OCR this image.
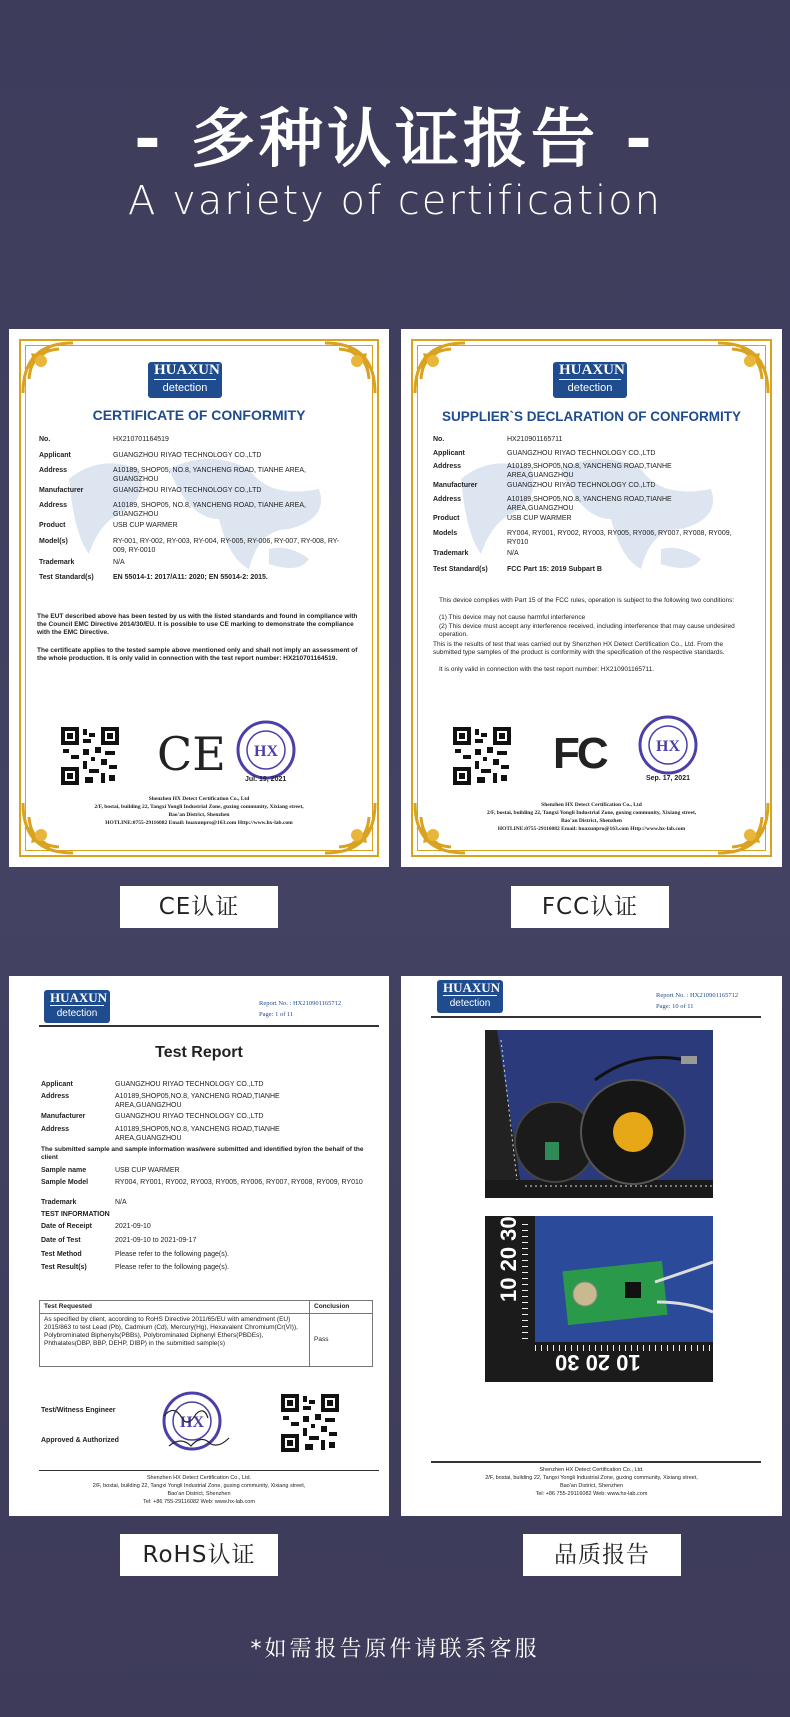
- 多种认证报告 -
A variety of certification
HUAXUN
detection
CERTIFICATE OF CONFORMITY
No.	HX21070116451​9
Applicant	GUANGZHOU RIYAO TECHNOLOGY CO.,LTD
Address	A10189, SHOP05, NO.8, YANCHENG ROAD, TIANHE AREA, GUANGZHOU
Manufacturer	GUANGZHOU RIYAO TECHNOLOGY CO.,LTD
Address	A10189, SHOP05, NO.8, YANCHENG ROAD, TIANHE AREA, GUANGZHOU
Product	USB CUP WARMER
Model(s)	RY-001, RY-002, RY-003, RY-004, RY-005, RY-006, RY-007, RY-008, RY-009, RY-0010
Trademark	N/A
Test Standard(s)	EN 55014-1: 2017/A11: 2020; EN 55014-2: 2015.
The EUT described above has been tested by us with the listed standards and found in compliance with the Council EMC Directive 2014/30/EU. It is possible to use CE marking to demonstrate the compliance with the EMC Directive.
The certificate applies to the tested sample above mentioned only and shall not imply an assessment of the whole production. It is only valid in connection with the test report number: HX210701164519.
CE HX
Jul. 19, 2021
Shenzhen HX Detect Certification Co., Ltd
2/F, bostai, building 22, Tangxi Yongli Industrial Zone, guxing community, Xixiang street,
Bao'an District, Shenzhen
HOTLINE:0755-29116082 Email: huaxunpro@163.com Http://www.hx-lab.com
HUAXUN
detection
SUPPLIER`S DECLARATION OF CONFORMITY
No.	HX210901165711
Applicant	GUANGZHOU RIYAO TECHNOLOGY CO.,LTD
Address	A10189,SHOP05,NO.8, YANCHENG ROAD,TIANHE AREA,GUANGZHOU
Manufacturer	GUANGZHOU RIYAO TECHNOLOGY CO.,LTD
Address	A10189,SHOP05,NO.8, YANCHENG ROAD,TIANHE AREA,GUANGZHOU
Product	USB CUP WARMER
Models	RY004, RY001, RY002, RY003, RY005, RY006, RY007, RY008, RY009, RY010
Trademark	N/A
Test Standard(s)	FCC Part 15: 2019 Subpart B
This device complies with Part 15 of the FCC rules, operation is subject to the following two conditions:
(1) This device may not cause harmful interference
(2) This device must accept any interference received, including interference that may cause undesired operation.
This is the results of test that was carried out by Shenzhen HX Detect Certification Co., Ltd. From the submitted type samples of the product is conformity with the specification of the respective standards.
It is only valid in connection with the test report number: HX210901165711.
FC	HX
Sep. 17, 2021
Shenzhen HX Detect Certification Co., Ltd
2/F, bostai, building 22, Tangxi Yongli Industrial Zone, guxing community, Xixiang street,
Bao'an District, Shenzhen
HOTLINE:0755-29116082 Email: huaxunpro@163.com Http://www.hx-lab.com
CE认证	FCC认证
HUAXUN
detection
Report No. : HX210901165712
Page: 1 of 11
Test Report
Applicant	GUANGZHOU RIYAO TECHNOLOGY CO.,LTD
Address	A10189,SHOP05,NO.8, YANCHENG ROAD,TIANHE AREA,GUANGZHOU
Manufacturer	GUANGZHOU RIYAO TECHNOLOGY CO.,LTD
Address	A10189,SHOP05,NO.8, YANCHENG ROAD,TIANHE AREA,GUANGZHOU
The submitted sample and sample information was/were submitted and identified by/on the behalf of the client
Sample name	USB CUP WARMER
Sample Model	RY004, RY001, RY002, RY003, RY005, RY006, RY007, RY008, RY009, RY010
Trademark	N/A
TEST INFORMATION
Date of Receipt	2021-09-10
Date of Test	2021-09-10 to 2021-09-17
Test Method	Please refer to the following page(s).
Test Result(s)	Please refer to the following page(s).
Test Requested	Conclusion
As specified by client, according to RoHS Directive 2011/65/EU with amendment (EU) 2015/863 to test Lead (Pb), Cadmium (Cd), Mercury(Hg), Hexavalent Chromium(Cr(VI)), Polybrominated Biphenyls(PBBs), Polybrominated Diphenyl Ethers(PBDEs), Phthalates(DBP, BBP, DEHP, DIBP) in the submitted sample(s)	Pass
Test/Witness Engineer
Approved & Authorized
HX
Shenzhen HX Detect Certification Co., Ltd.
2/F, bostai, building 22, Tangxi Yongli Industrial Zone, guxing community, Xixiang street,
Bao'an District, Shenzhen
Tel: +86 755-29116082 Web: www.hx-lab.com
HUAXUN
detection
Report No. : HX210901165712
Page: 10 of 11
10 20 30
10 20 30
Shenzhen HX Detect Certification Co., Ltd.
2/F, bostai, building 22, Tangxi Yongli Industrial Zone, guxing community, Xixiang street,
Bao'an District, Shenzhen
Tel: +86 755-29116082 Web: www.hx-lab.com
RoHS认证	品质报告
*如需报告原件请联系客服
